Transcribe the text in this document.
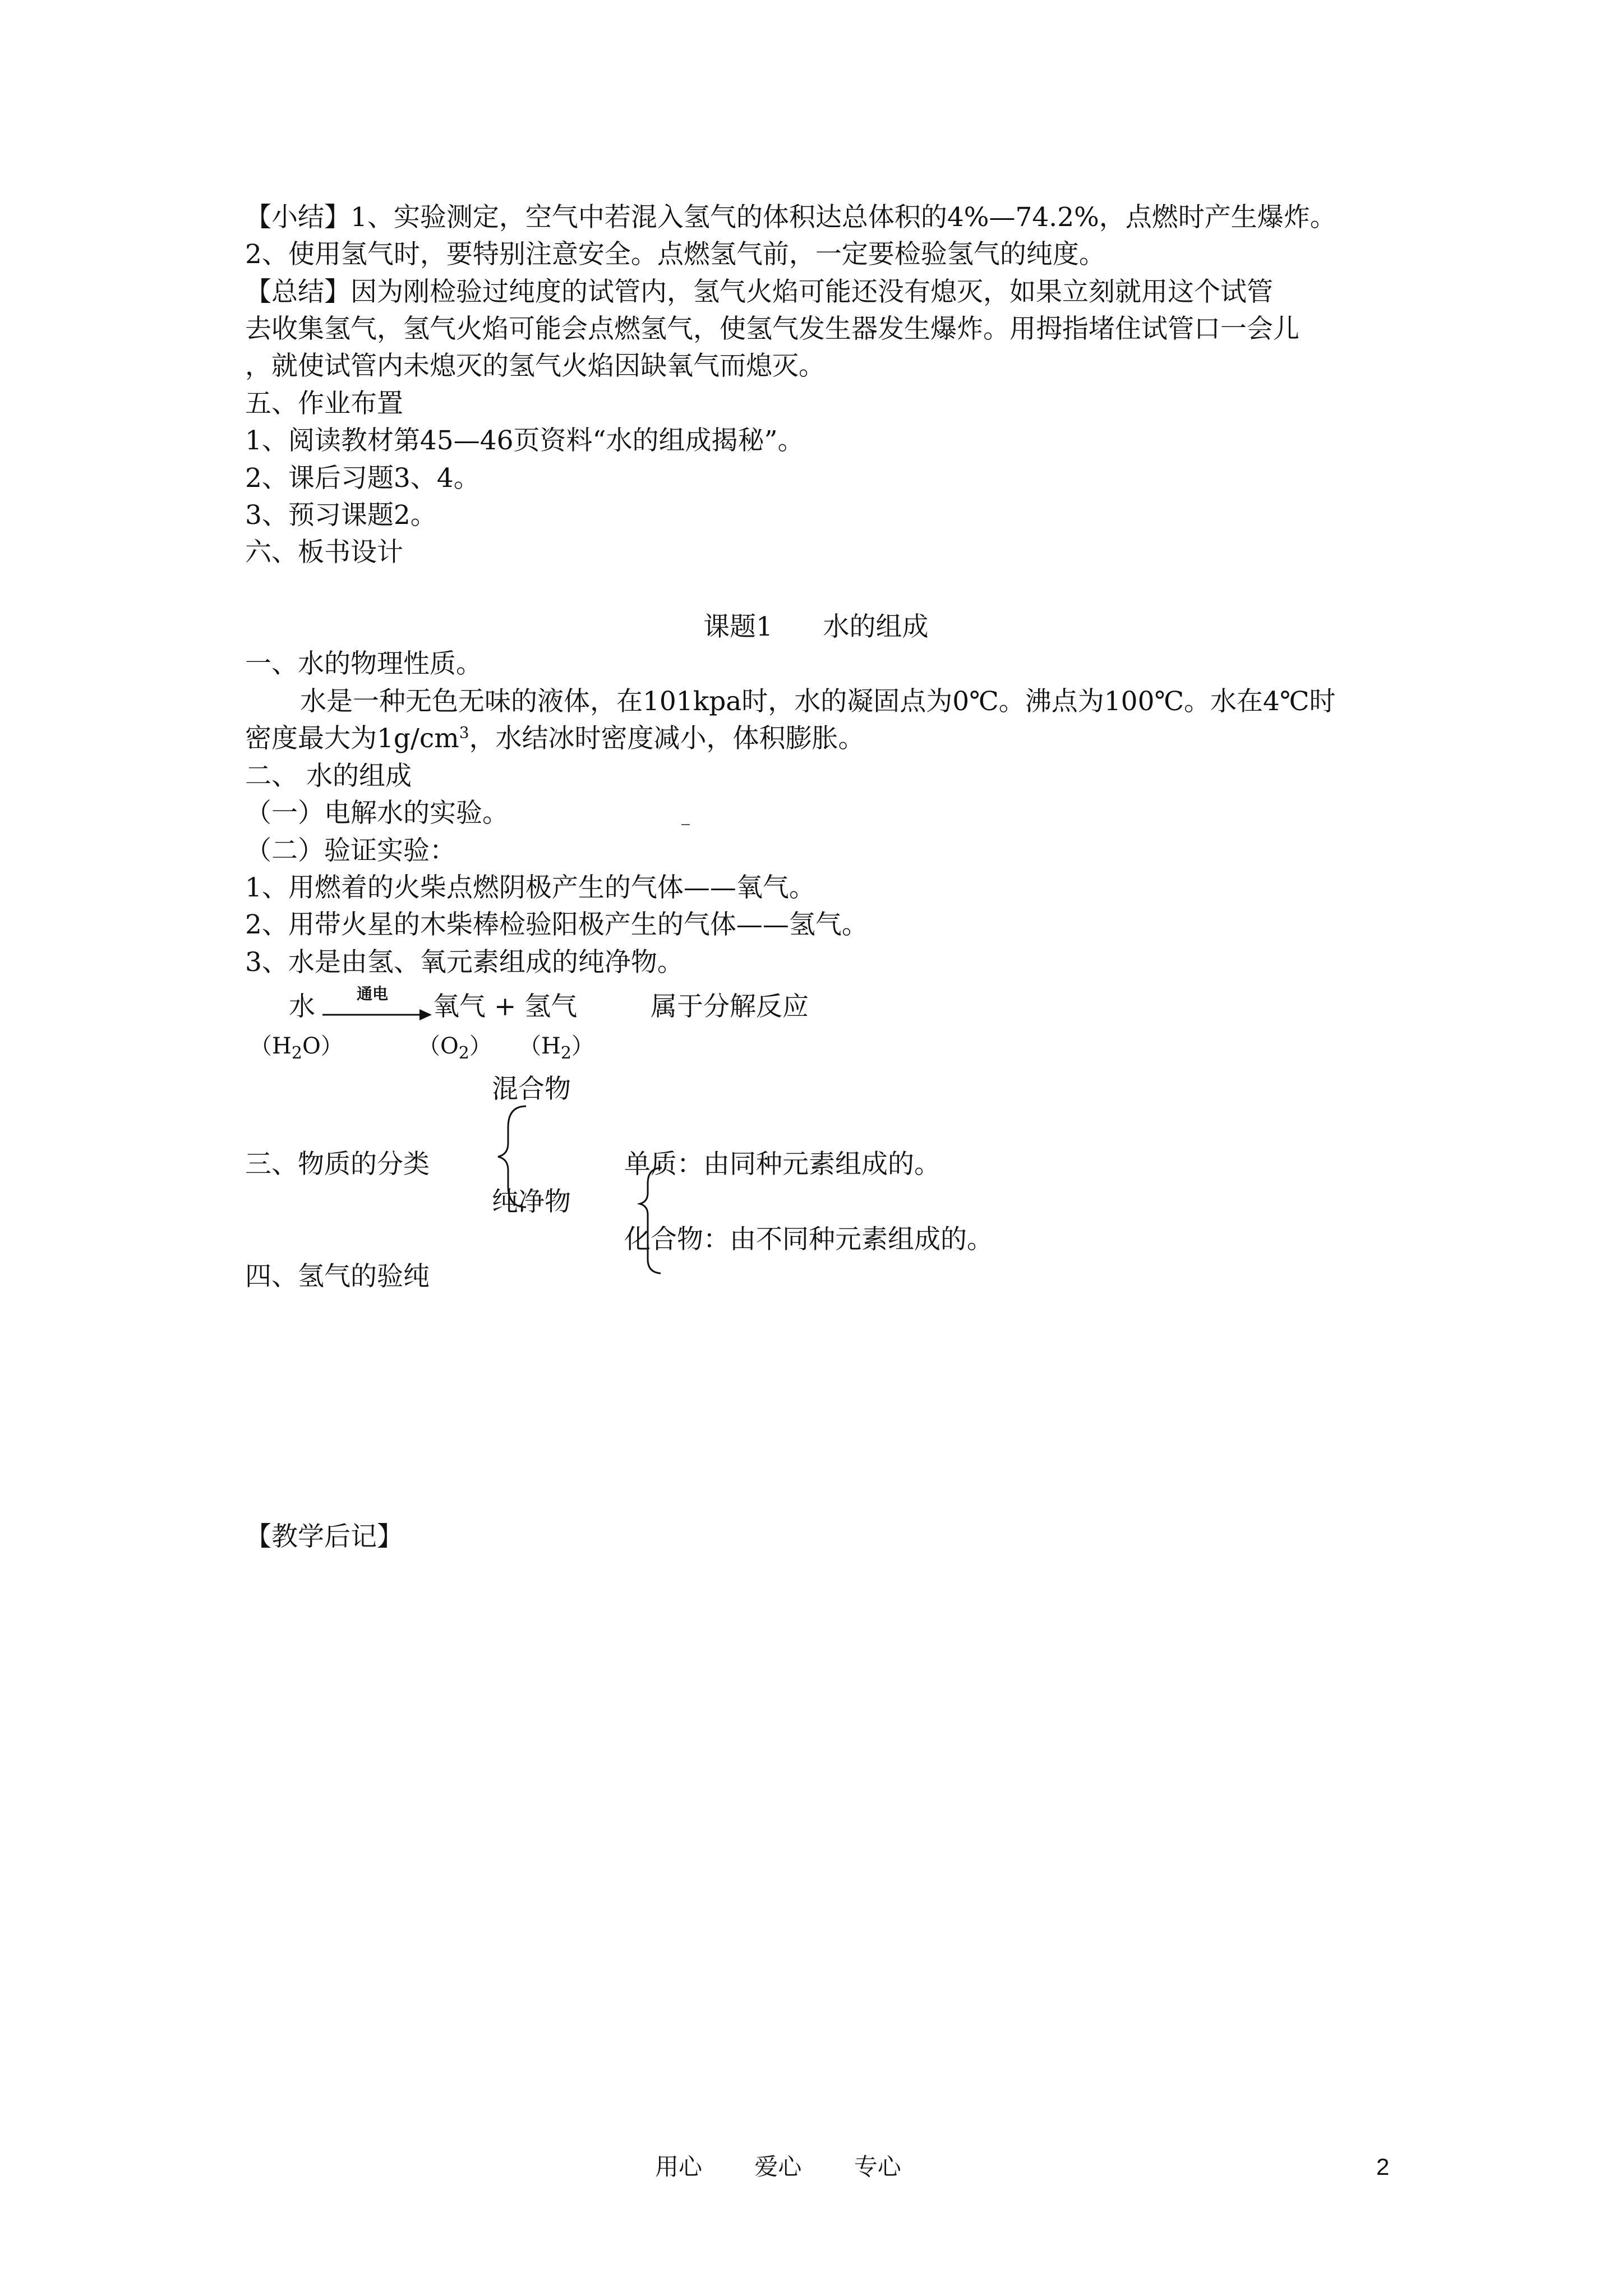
【小结】1、实验测定，空气中若混入氢气的体积达总体积的4%—74.2%，点燃时产生爆炸。

2、使用氢气时，要特别注意安全。点燃氢气前，一定要检验氢气的纯度。

【总结】因为刚检验过纯度的试管内，氢气火焰可能还没有熄灭，如果立刻就用这个试管

去收集氢气，氢气火焰可能会点燃氢气，使氢气发生器发生爆炸。用拇指堵住试管口一会儿

，就使试管内未熄灭的氢气火焰因缺氧气而熄灭。

五、作业布置

1、阅读教材第45—46页资料“水的组成揭秘”。

2、课后习题3、4。

3、预习课题2。

六、板书设计

课题1      水的组成

一、水的物理性质。

水是一种无色无味的液体，在101kpa时，水的凝固点为0℃。沸点为100℃。水在4℃时

密度最大为$1g/cm^3$，水结冰时密度减小，体积膨胀。

二、 水的组成

（一）电解水的实验。

（二）验证实验：

1、用燃着的火柴点燃阴极产生的气体——氧气。

2、用带火星的木柴棒检验阳极产生的气体——氢气。

3、水是由氢、氧元素组成的纯净物。

水	通电 氧气 + 氢气	属于分解反应

$(H_2O)$	$(O_2)$ $(H_2)$

混合物

三、物质的分类	单质：由同种元素组成的。

纯净物

化合物：由不同种元素组成的。

四、氢气的验纯

【教学后记】

用心        爱心        专心	2
